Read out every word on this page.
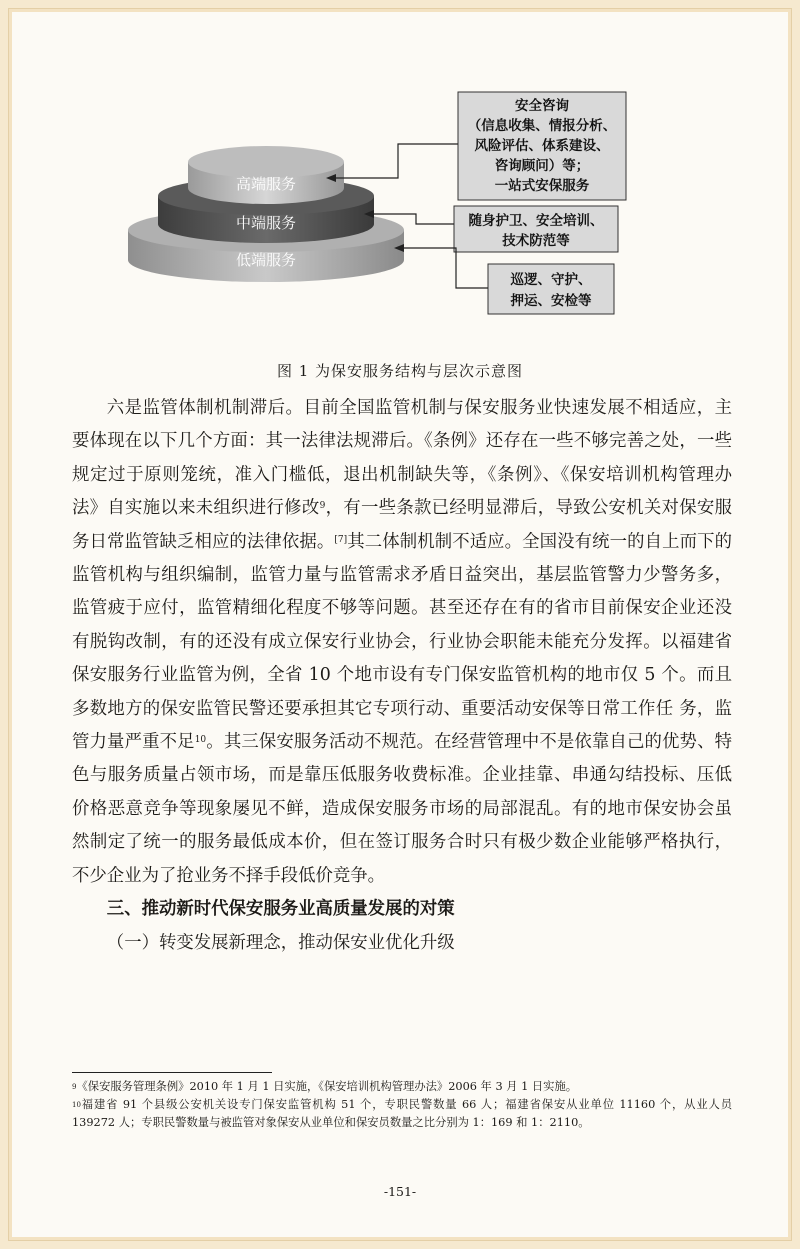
高端服务
中端服务
低端服务
安全咨询
（信息收集、情报分析、
风险评估、体系建设、
咨询顾问）等；
一站式安保服务
随身护卫、安全培训、
技术防范等
巡逻、守护、
押运、安检等
图 1 为保安服务结构与层次示意图

六是监管体制机制滞后。目前全国监管机制与保安服务业快速发展不相适应，主要体现在以下几个方面：其一法律法规滞后。《条例》还存在一些不够完善之处，一些规定过于原则笼统，准入门槛低，退出机制缺失等，《条例》、《保安培训机构管理办法》自实施以来未组织进行修改$^9$，有一些条款已经明显滞后，导致公安机关对保安服务日常监管缺乏相应的法律依据。[7]其二体制机制不适应。全国没有统一的自上而下的监管机构与组织编制，监管力量与监管需求矛盾日益突出，基层监管警力少警务多，监管疲于应付，监管精细化程度不够等问题。甚至还存在有的省市目前保安企业还没有脱钩改制，有的还没有成立保安行业协会，行业协会职能未能充分发挥。以福建省保安服务行业监管为例，全省 10 个地市设有专门保安监管机构的地市仅 5 个。而且多数地方的保安监管民警还要承担其它专项行动、重要活动安保等日常工作任 务，监管力量严重不足$^{10}$。其三保安服务活动不规范。在经营管理中不是依靠自己的优势、特色与服务质量占领市场，而是靠压低服务收费标准。企业挂靠、串通勾结投标、压低价格恶意竞争等现象屡见不鲜，造成保安服务市场的局部混乱。有的地市保安协会虽然制定了统一的服务最低成本价，但在签订服务合时只有极少数企业能够严格执行，不少企业为了抢业务不择手段低价竞争。

三、推动新时代保安服务业高质量发展的对策

（一）转变发展新理念，推动保安业优化升级

$^9$《保安服务管理条例》2010 年 1 月 1 日实施，《保安培训机构管理办法》2006 年 3 月 1 日实施。

$^{10}$福建省 91 个县级公安机关设专门保安监管机构 51 个，专职民警数量 66 人；福建省保安从业单位 11160 个，从业人员 139272 人；专职民警数量与被监管对象保安从业单位和保安员数量之比分别为 1：169 和 1：2110。

-151-
